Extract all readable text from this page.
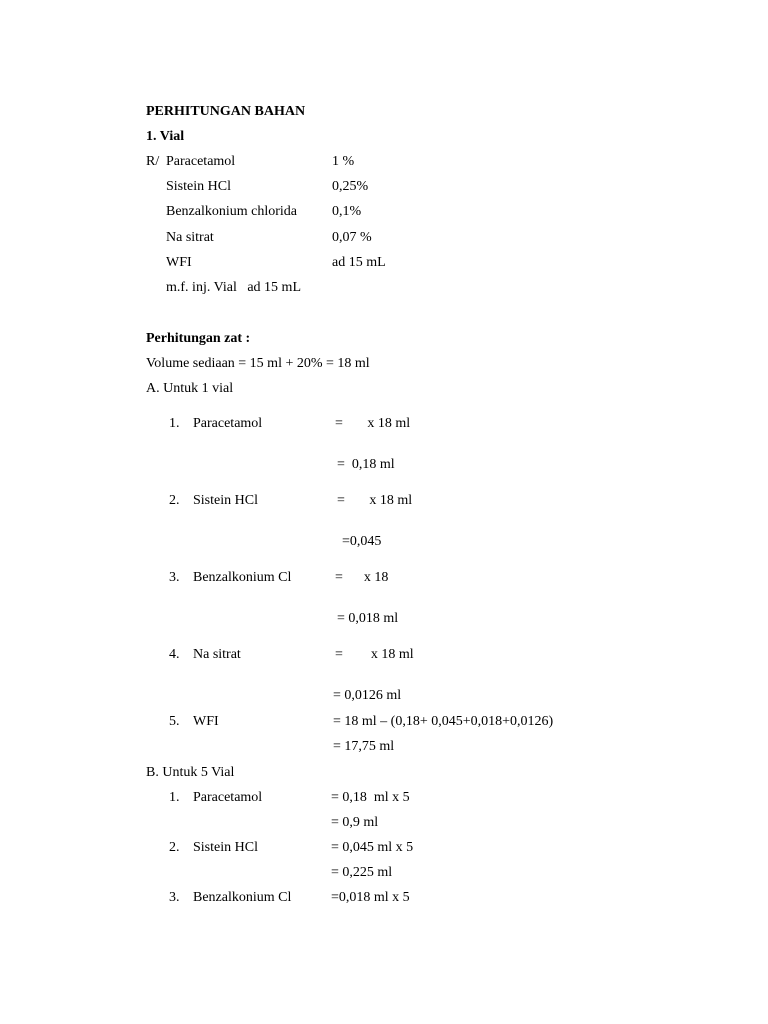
PERHITUNGAN BAHAN
1. Vial
R/ Paracetamol	1 %
Sistein HCl	0,25%
Benzalkonium chlorida 0,1%
Na sitrat	0,07 %
WFI	ad 15 mL
m.f. inj. Vial   ad 15 mL
Perhitungan zat :
Volume sediaan = 15 ml + 20% = 18 ml
A. Untuk 1 vial
1. Paracetamol	=       x 18 ml
=  0,18 ml
2. Sistein HCl	=       x 18 ml
=0,045
3. Benzalkonium Cl	=      x 18
= 0,018 ml
4. Na sitrat	=        x 18 ml
= 0,0126 ml
5. WFI	= 18 ml – (0,18+ 0,045+0,018+0,0126)
= 17,75 ml
B. Untuk 5 Vial
1. Paracetamol	= 0,18  ml x 5
= 0,9 ml
2. Sistein HCl	= 0,045 ml x 5
= 0,225 ml
3. Benzalkonium Cl	=0,018 ml x 5
